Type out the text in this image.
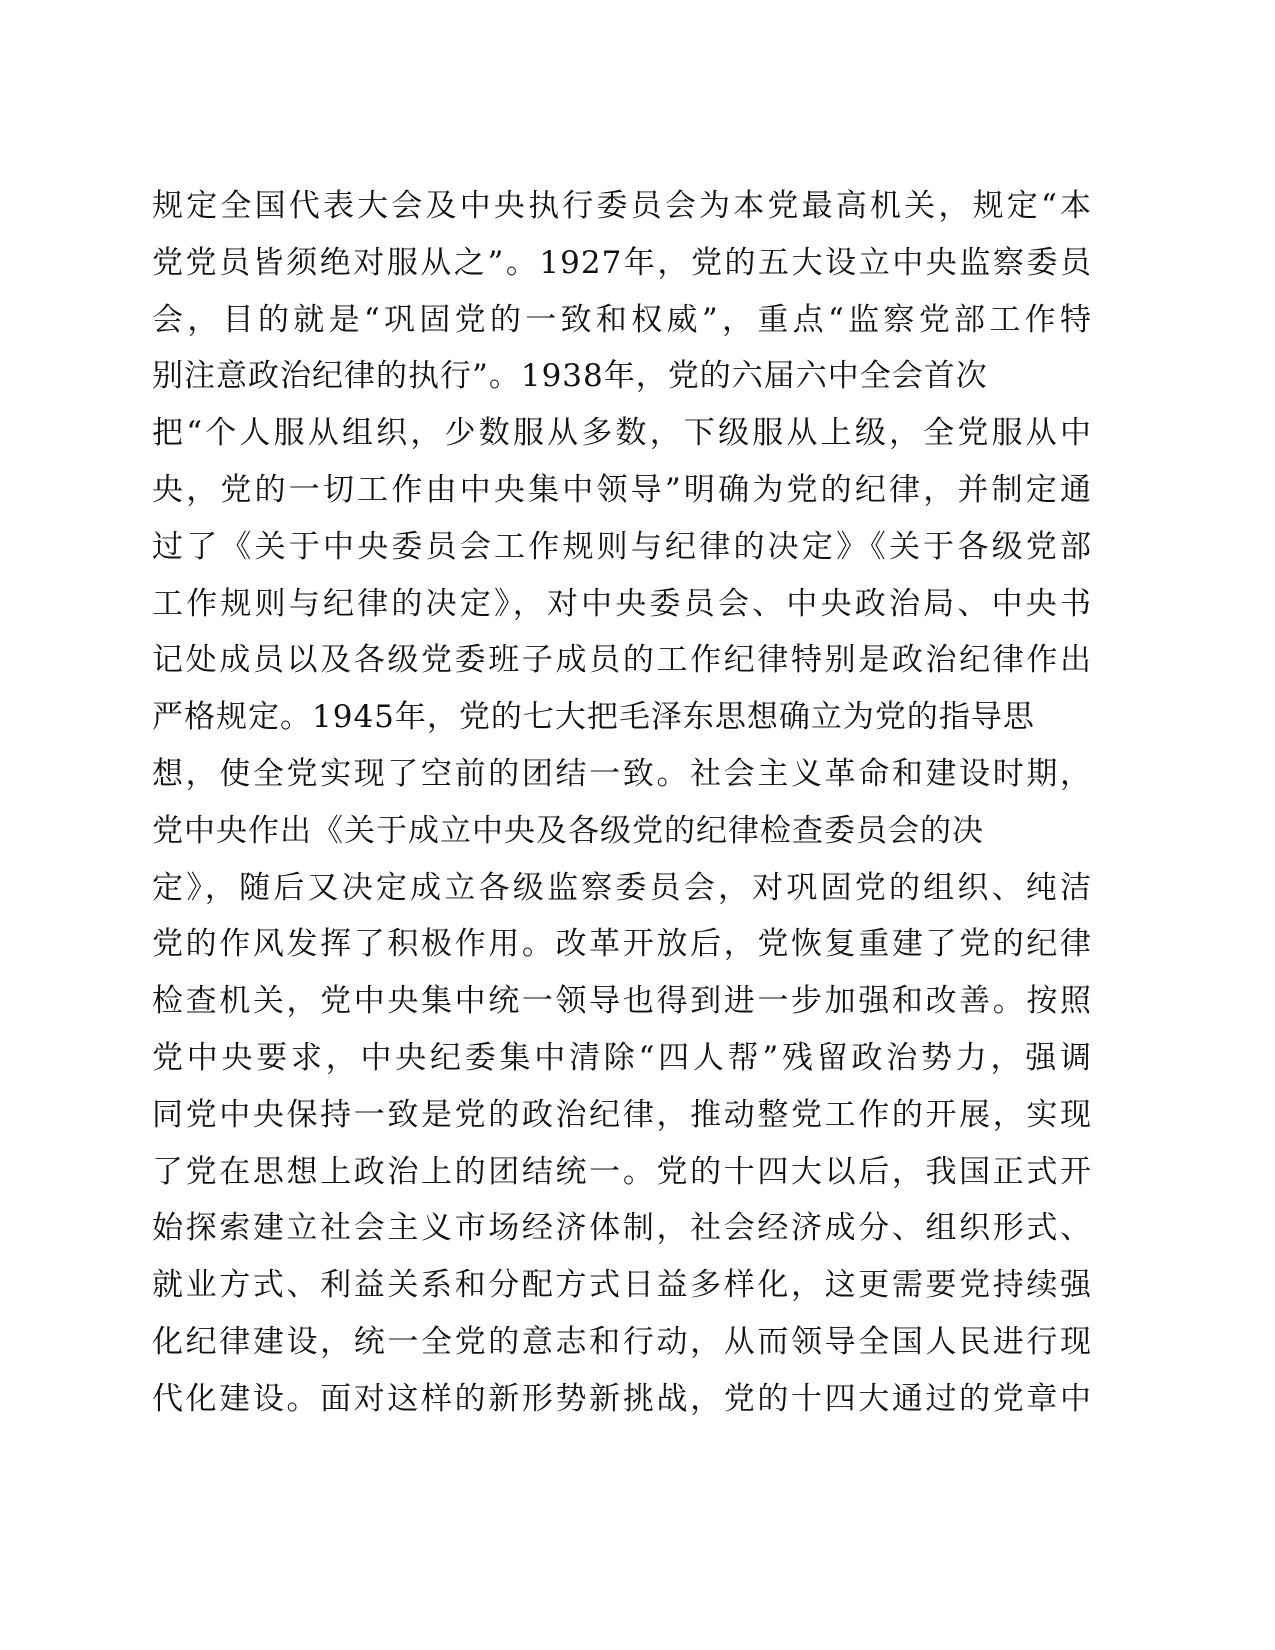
规定全国代表大会及中央执行委员会为本党最高机关，规定“本
党党员皆须绝对服从之”。1927年，党的五大设立中央监察委员
会，目的就是“巩固党的一致和权威”，重点“监察党部工作特
别注意政治纪律的执行”。1938年，党的六届六中全会首次
把“个人服从组织，少数服从多数，下级服从上级，全党服从中
央，党的一切工作由中央集中领导”明确为党的纪律，并制定通
过了《关于中央委员会工作规则与纪律的决定》《关于各级党部
工作规则与纪律的决定》，对中央委员会、中央政治局、中央书
记处成员以及各级党委班子成员的工作纪律特别是政治纪律作出
严格规定。1945年，党的七大把毛泽东思想确立为党的指导思
想，使全党实现了空前的团结一致。社会主义革命和建设时期，
党中央作出《关于成立中央及各级党的纪律检查委员会的决
定》，随后又决定成立各级监察委员会，对巩固党的组织、纯洁
党的作风发挥了积极作用。改革开放后，党恢复重建了党的纪律
检查机关，党中央集中统一领导也得到进一步加强和改善。按照
党中央要求，中央纪委集中清除“四人帮”残留政治势力，强调
同党中央保持一致是党的政治纪律，推动整党工作的开展，实现
了党在思想上政治上的团结统一。党的十四大以后，我国正式开
始探索建立社会主义市场经济体制，社会经济成分、组织形式、
就业方式、利益关系和分配方式日益多样化，这更需要党持续强
化纪律建设，统一全党的意志和行动，从而领导全国人民进行现
代化建设。面对这样的新形势新挑战，党的十四大通过的党章中
